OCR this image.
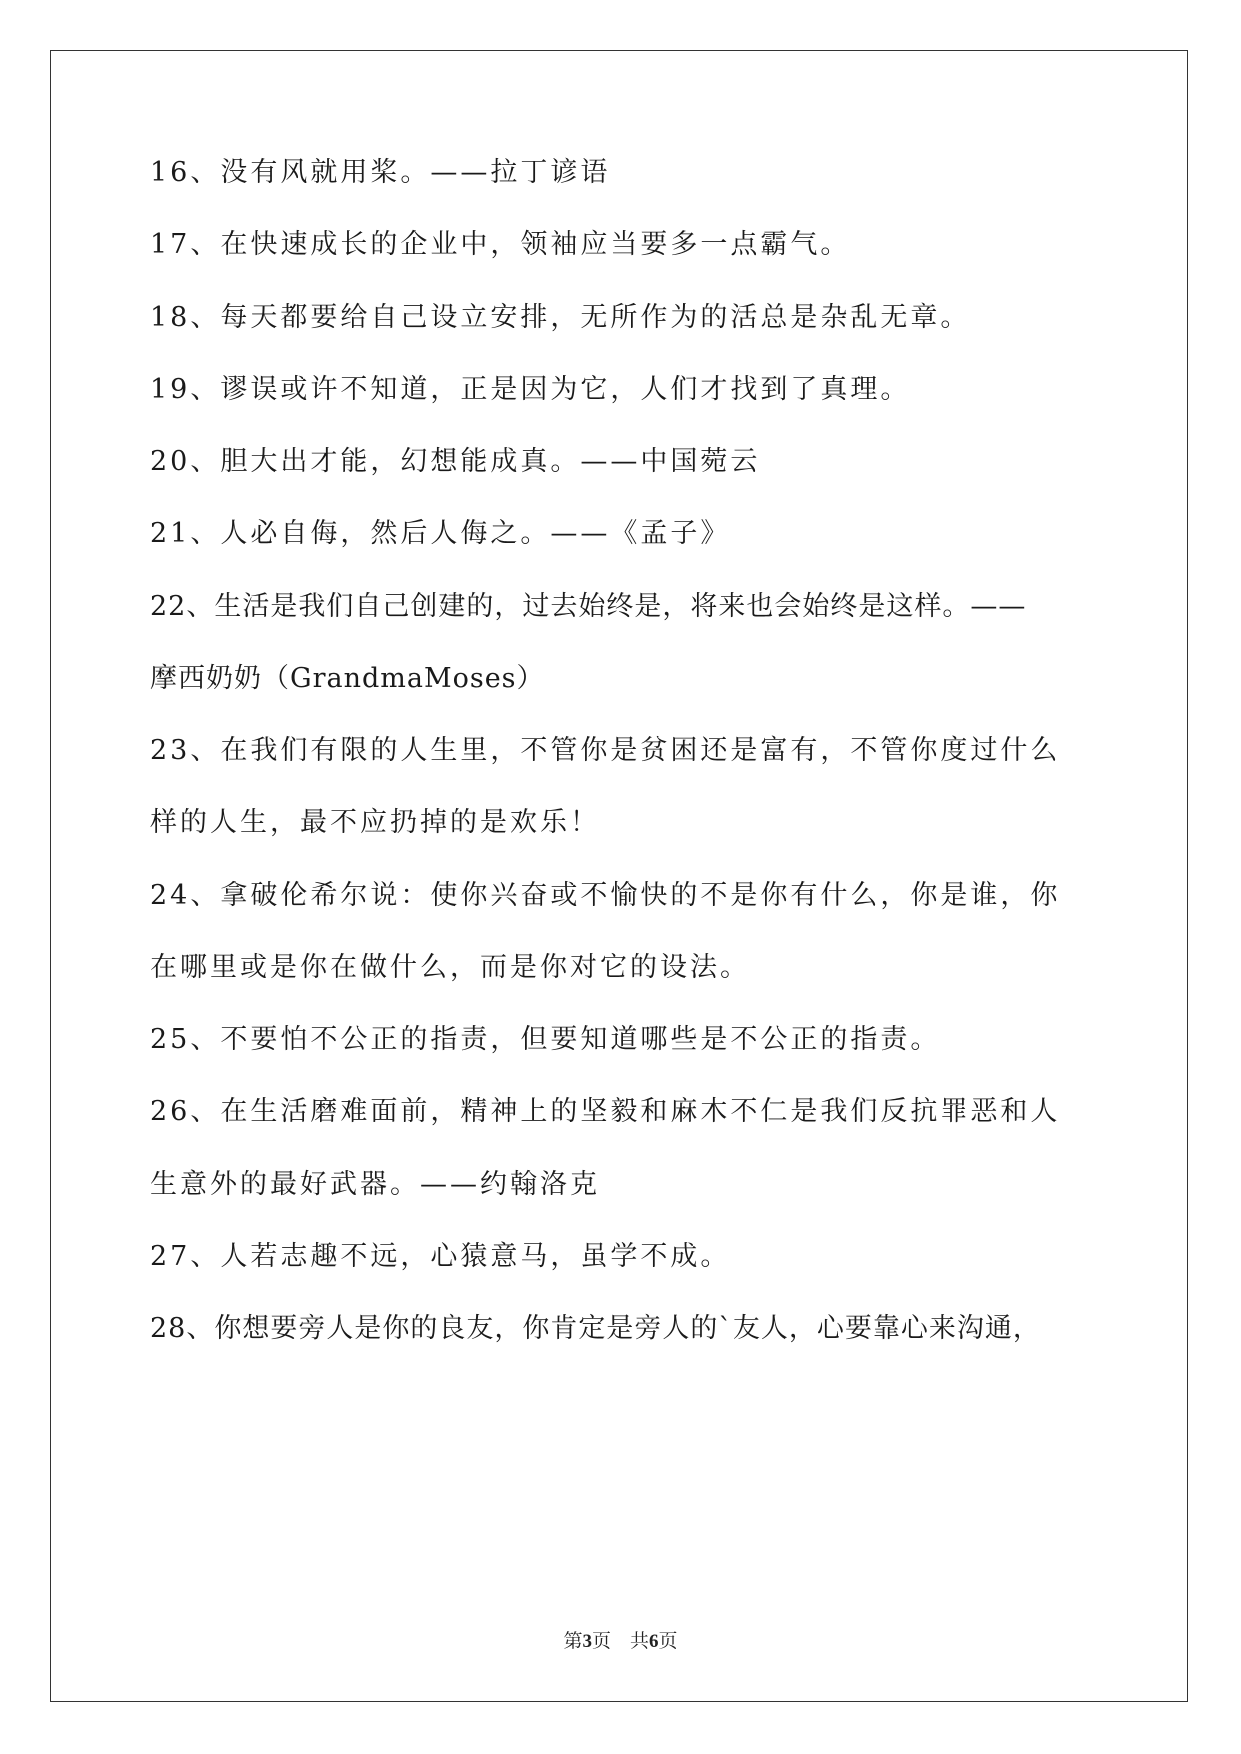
16、没有风就用桨。——拉丁谚语
17、在快速成长的企业中，领袖应当要多一点霸气。
18、每天都要给自己设立安排，无所作为的活总是杂乱无章。
19、谬误或许不知道，正是因为它，人们才找到了真理。
20、胆大出才能，幻想能成真。——中国菀云
21、人必自侮，然后人侮之。——《孟子》
22、生活是我们自己创建的，过去始终是，将来也会始终是这样。——
摩西奶奶（GrandmaMoses）
23、在我们有限的人生里，不管你是贫困还是富有，不管你度过什么
样的人生，最不应扔掉的是欢乐！
24、拿破伦希尔说：使你兴奋或不愉快的不是你有什么，你是谁，你
在哪里或是你在做什么，而是你对它的设法。
25、不要怕不公正的指责，但要知道哪些是不公正的指责。
26、在生活磨难面前，精神上的坚毅和麻木不仁是我们反抗罪恶和人
生意外的最好武器。——约翰洛克
27、人若志趣不远，心猿意马，虽学不成。
28、你想要旁人是你的良友，你肯定是旁人的`友人，心要靠心来沟通，
第3页　共6页
